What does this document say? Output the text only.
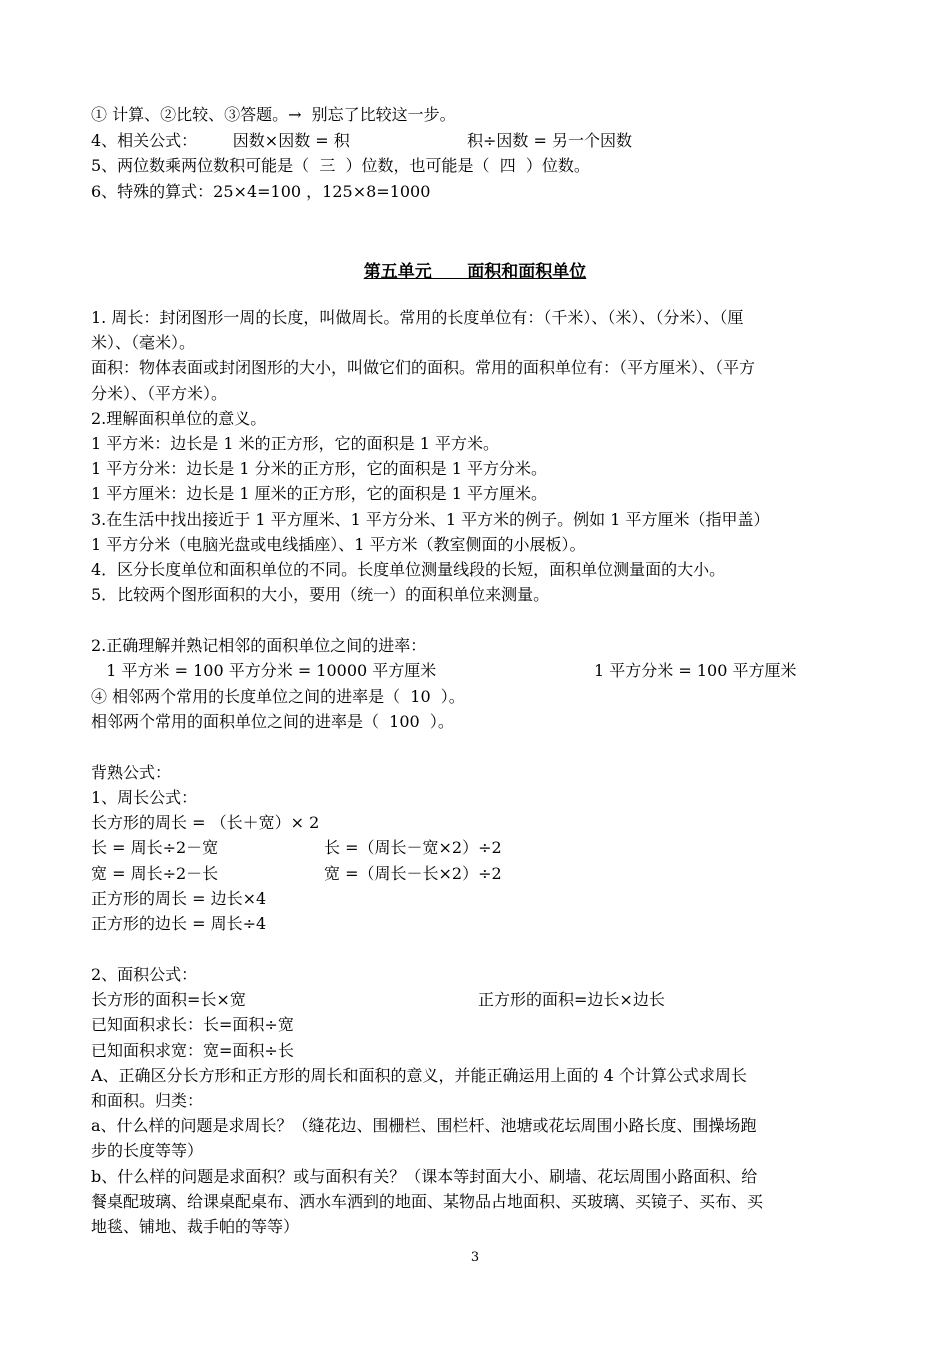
① 计算、②比较、③答题。→  别忘了比较这一步。
4、相关公式：       因数×因数 = 积	积÷因数 = 另一个因数
5、两位数乘两位数积可能是（  三  ）位数，也可能是（  四  ）位数。
6、特殊的算式：25×4=100 ，125×8=1000
第五单元      面积和面积单位
1. 周长：封闭图形一周的长度，叫做周长。常用的长度单位有：（千米）、（米）、（分米）、（厘
米）、（毫米）。
面积：物体表面或封闭图形的大小，叫做它们的面积。常用的面积单位有：（平方厘米）、（平方
分米）、（平方米）。
2.理解面积单位的意义。
1 平方米：边长是 1 米的正方形，它的面积是 1 平方米。
1 平方分米：边长是 1 分米的正方形，它的面积是 1 平方分米。
1 平方厘米：边长是 1 厘米的正方形，它的面积是 1 平方厘米。
3.在生活中找出接近于 1 平方厘米、1 平方分米、1 平方米的例子。例如 1 平方厘米（指甲盖）
1 平方分米（电脑光盘或电线插座）、1 平方米（教室侧面的小展板）。
4．区分长度单位和面积单位的不同。长度单位测量线段的长短，面积单位测量面的大小。
5．比较两个图形面积的大小，要用（统一）的面积单位来测量。
2.正确理解并熟记相邻的面积单位之间的进率：
1 平方米 = 100 平方分米 = 10000 平方厘米	1 平方分米 = 100 平方厘米
④ 相邻两个常用的长度单位之间的进率是（  10  ）。
相邻两个常用的面积单位之间的进率是（  100  ）。
背熟公式：
1、周长公式：
长方形的周长 = （长＋宽）× 2
长 = 周长÷2－宽	长 =（周长－宽×2）÷2
宽 = 周长÷2－长	宽 =（周长－长×2）÷2
正方形的周长 = 边长×4
正方形的边长 = 周长÷4
2、面积公式：
长方形的面积=长×宽	正方形的面积=边长×边长
已知面积求长：长=面积÷宽
已知面积求宽：宽=面积÷长
A、正确区分长方形和正方形的周长和面积的意义，并能正确运用上面的 4 个计算公式求周长
和面积。归类：
a、什么样的问题是求周长？（缝花边、围栅栏、围栏杆、池塘或花坛周围小路长度、围操场跑
步的长度等等）
b、什么样的问题是求面积？或与面积有关？（课本等封面大小、刷墙、花坛周围小路面积、给
餐桌配玻璃、给课桌配桌布、洒水车洒到的地面、某物品占地面积、买玻璃、买镜子、买布、买
地毯、铺地、裁手帕的等等）
3
